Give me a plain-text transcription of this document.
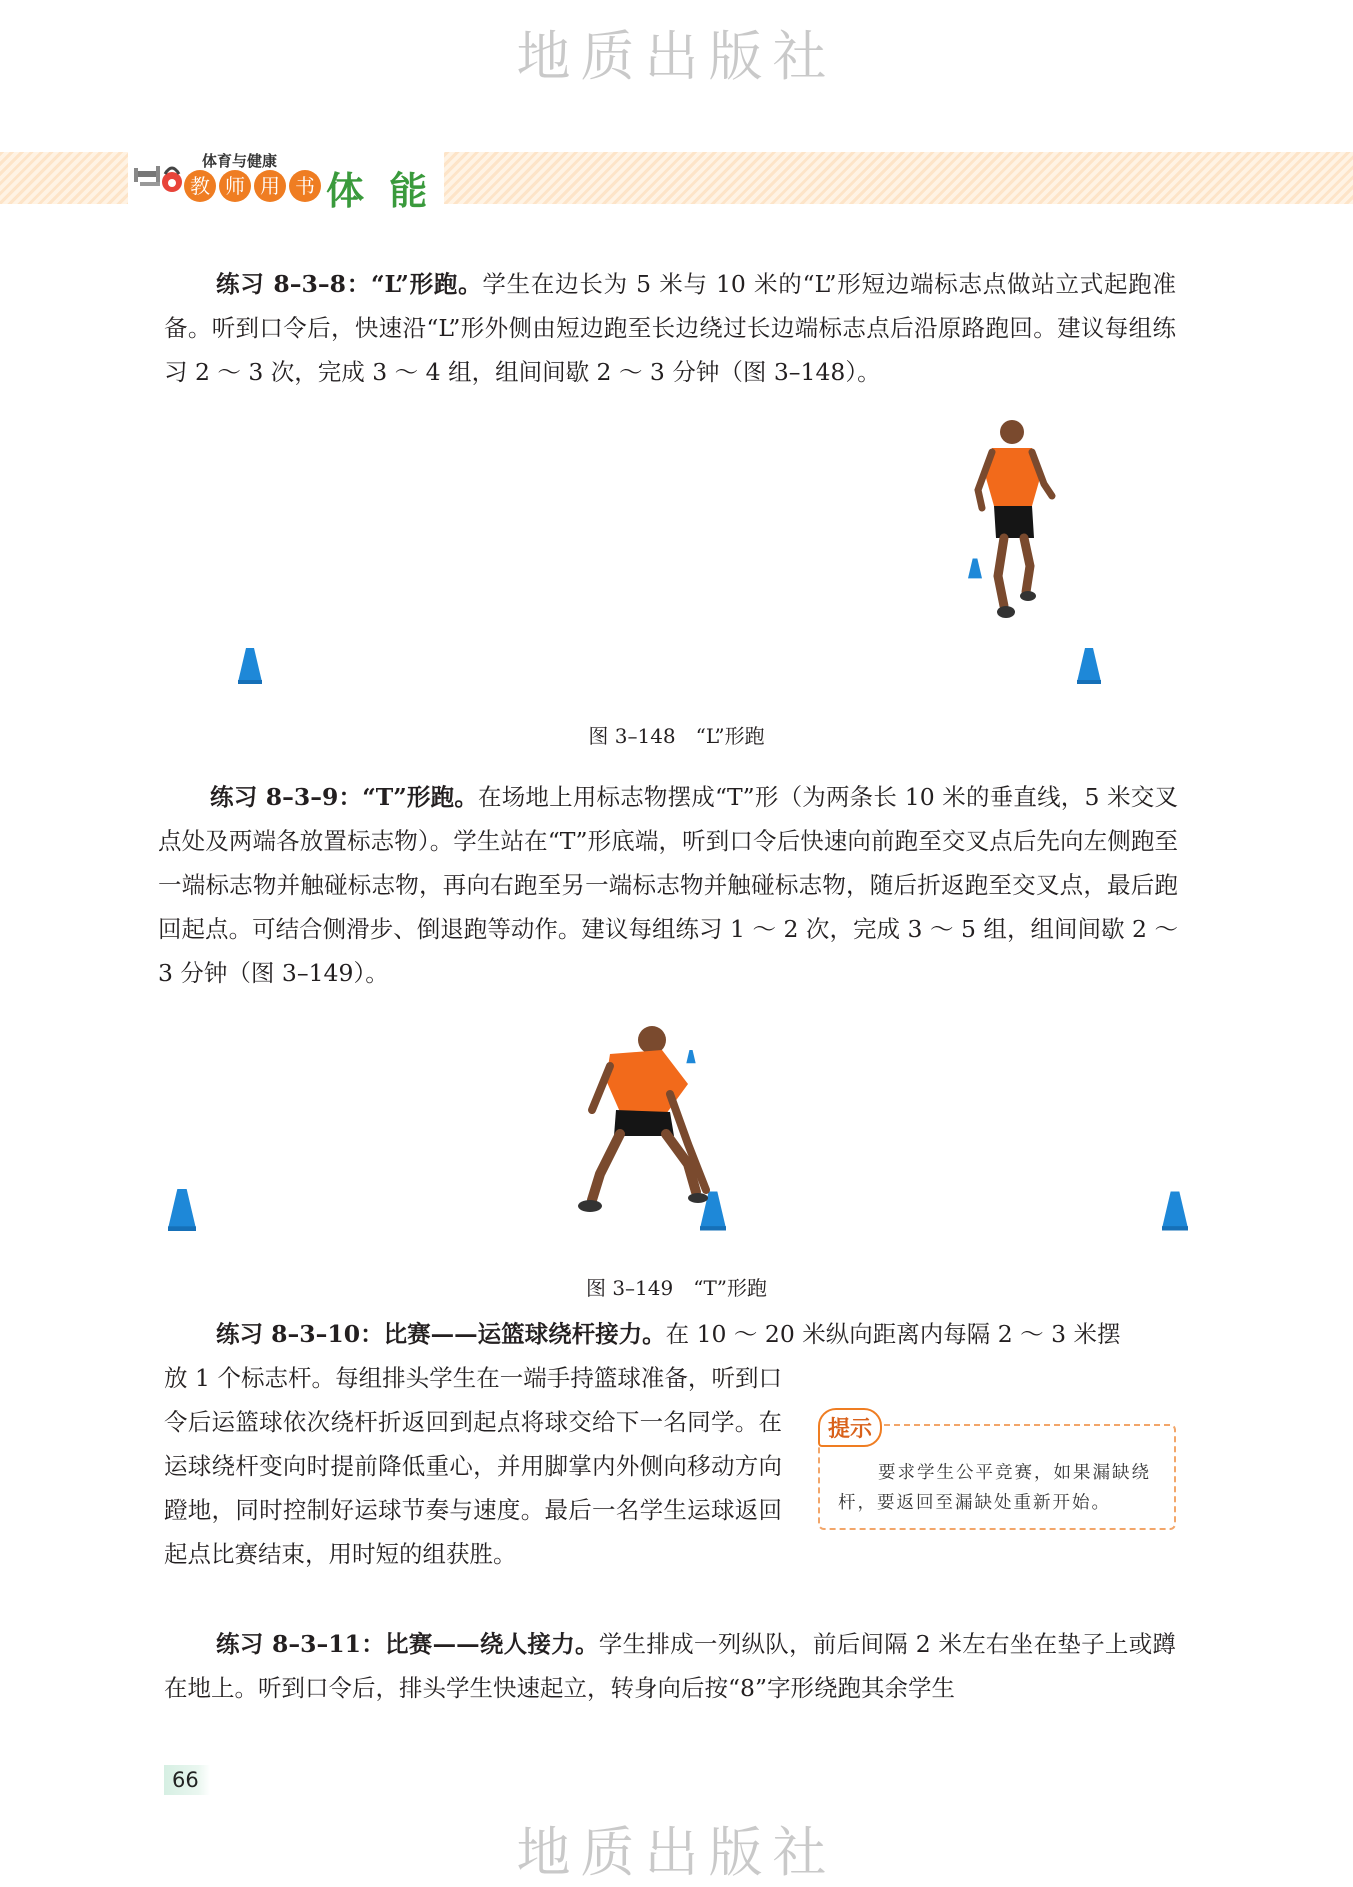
地质出版社
体育与健康
教 师 用 书 体 能

练习 8–3–8：“L”形跑。学生在边长为 5 米与 10 米的“L”形短边端标志点做站立式起跑准备。听到口令后，快速沿“L”形外侧由短边跑至长边绕过长边端标志点后沿原路跑回。建议每组练习 2 ～ 3 次，完成 3 ～ 4 组，组间间歇 2 ～ 3 分钟（图 3–148）。

图 3–148　“L”形跑

练习 8–3–9：“T”形跑。在场地上用标志物摆成“T”形（为两条长 10 米的垂直线，5 米交叉点处及两端各放置标志物）。学生站在“T”形底端，听到口令后快速向前跑至交叉点后先向左侧跑至一端标志物并触碰标志物，再向右跑至另一端标志物并触碰标志物，随后折返跑至交叉点，最后跑回起点。可结合侧滑步、倒退跑等动作。建议每组练习 1 ～ 2 次，完成 3 ～ 5 组，组间间歇 2 ～ 3 分钟（图 3–149）。

图 3–149　“T”形跑

练习 8–3–10：比赛——运篮球绕杆接力。在 10 ～ 20 米纵向距离内每隔 2 ～ 3 米摆
放 1 个标志杆。每组排头学生在一端手持篮球准备，听到口令后运篮球依次绕杆折返回到起点将球交给下一名同学。在运球绕杆变向时提前降低重心，并用脚掌内外侧向移动方向蹬地，同时控制好运球节奏与速度。最后一名学生运球返回起点比赛结束，用时短的组获胜。

提示

要求学生公平竞赛，如果漏缺绕杆，要返回至漏缺处重新开始。

练习 8–3–11：比赛——绕人接力。学生排成一列纵队，前后间隔 2 米左右坐在垫子上或蹲在地上。听到口令后，排头学生快速起立，转身向后按“8”字形绕跑其余学生

66
地质出版社
